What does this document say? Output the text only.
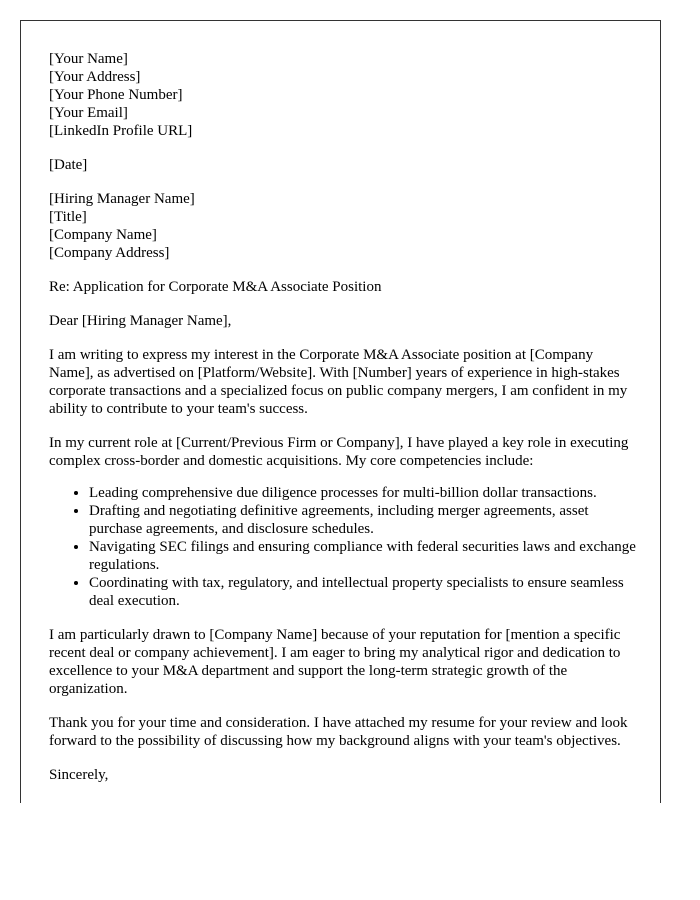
[Your Name]
[Your Address]
[Your Phone Number]
[Your Email]
[LinkedIn Profile URL]
[Date]
[Hiring Manager Name]
[Title]
[Company Name]
[Company Address]

Re: Application for Corporate M&A Associate Position

Dear [Hiring Manager Name],

I am writing to express my interest in the Corporate M&A Associate position at [Company Name], as advertised on [Platform/Website]. With [Number] years of experience in high-stakes corporate transactions and a specialized focus on public company mergers, I am confident in my ability to contribute to your team's success.

In my current role at [Current/Previous Firm or Company], I have played a key role in executing complex cross-border and domestic acquisitions. My core competencies include:

• Leading comprehensive due diligence processes for multi-billion dollar transactions.
• Drafting and negotiating definitive agreements, including merger agreements, asset purchase agreements, and disclosure schedules.
• Navigating SEC filings and ensuring compliance with federal securities laws and exchange regulations.
• Coordinating with tax, regulatory, and intellectual property specialists to ensure seamless deal execution.

I am particularly drawn to [Company Name] because of your reputation for [mention a specific recent deal or company achievement]. I am eager to bring my analytical rigor and dedication to excellence to your M&A department and support the long-term strategic growth of the organization.

Thank you for your time and consideration. I have attached my resume for your review and look forward to the possibility of discussing how my background aligns with your team's objectives.

Sincerely,
